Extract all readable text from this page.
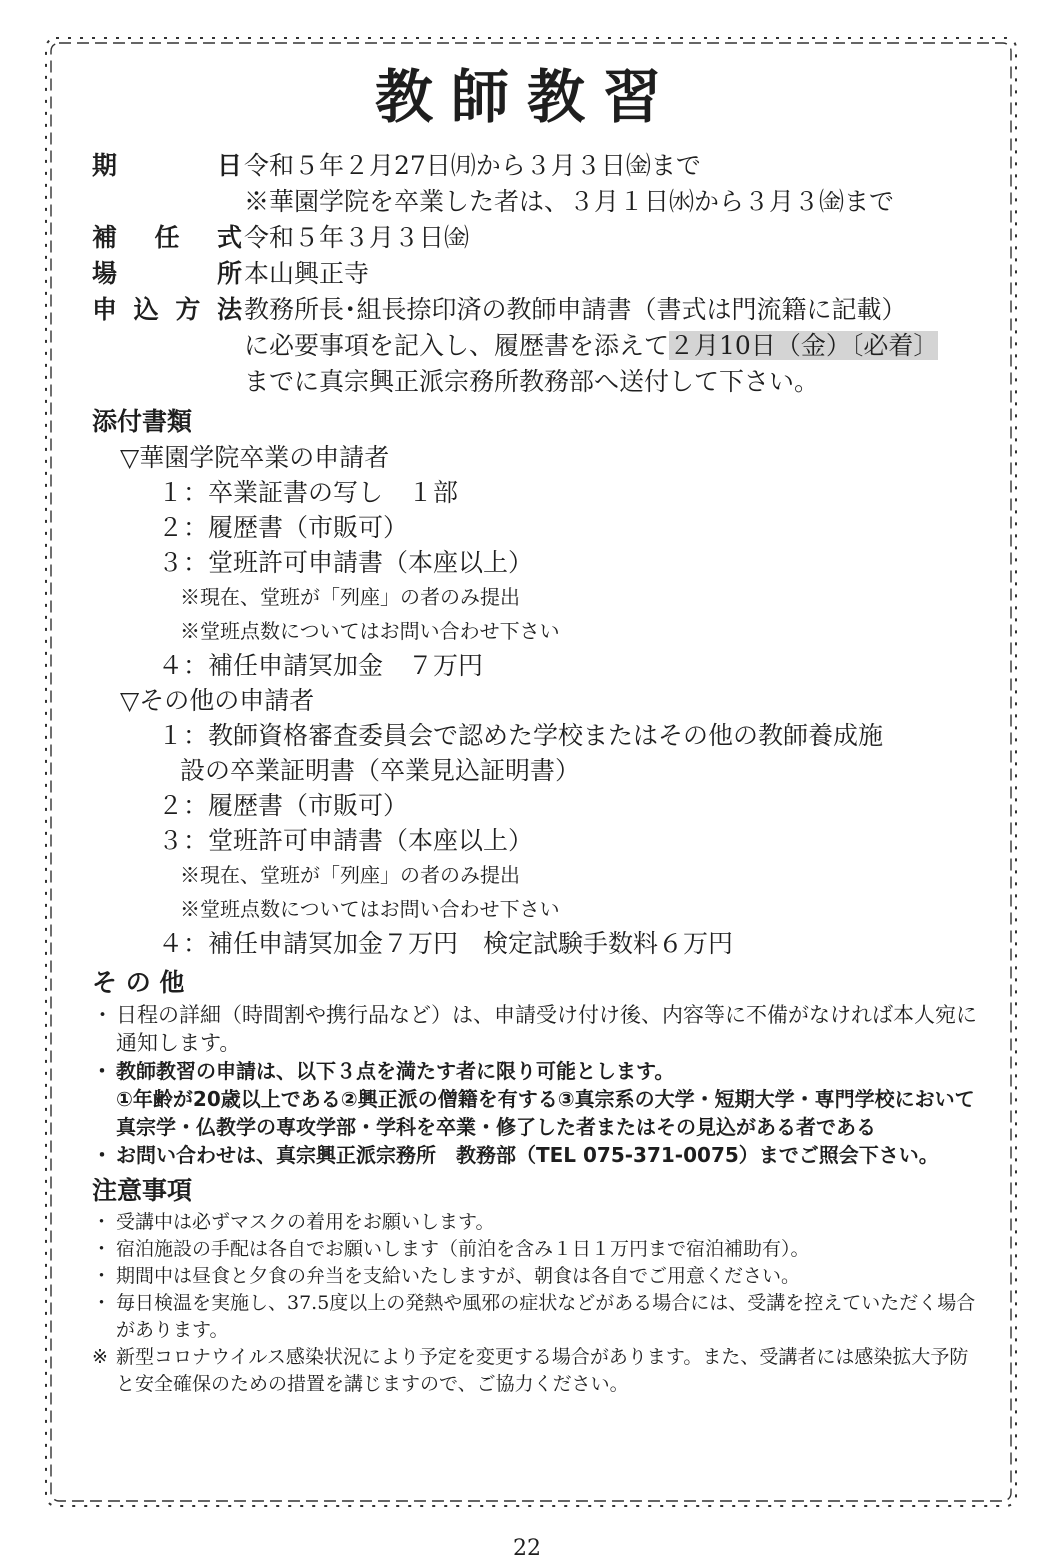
教師教習
期日 令和５年２月27日㈪から３月３日㈮まで
※華園学院を卒業した者は、３月１日㈬から３月３㈮まで
補任式 令和５年３月３日㈮
場所 本山興正寺
申込方法 教務所長･組長捺印済の教師申請書（書式は門流籍に記載）
に必要事項を記入し、履歴書を添えて２月10日（金）〔必着〕
までに真宗興正派宗務所教務部へ送付して下さい。
添付書類
▽華園学院卒業の申請者
１：卒業証書の写し　１部
２：履歴書（市販可）
３：堂班許可申請書（本座以上）
※現在、堂班が「列座」の者のみ提出
※堂班点数についてはお問い合わせ下さい
４：補任申請冥加金　７万円
▽その他の申請者
１：教師資格審査委員会で認めた学校またはその他の教師養成施
設の卒業証明書（卒業見込証明書）
２：履歴書（市販可）
３：堂班許可申請書（本座以上）
※現在、堂班が「列座」の者のみ提出
※堂班点数についてはお問い合わせ下さい
４：補任申請冥加金７万円　検定試験手数料６万円
そ の 他
・ 日程の詳細（時間割や携行品など）は、申請受け付け後、内容等に不備がなければ本人宛に通知します。
・ 教師教習の申請は、以下３点を満たす者に限り可能とします。
①年齢が20歳以上である②興正派の僧籍を有する③真宗系の大学・短期大学・専門学校において真宗学・仏教学の専攻学部・学科を卒業・修了した者またはその見込がある者である
・ お問い合わせは、真宗興正派宗務所　教務部（TEL 075-371-0075）までご照会下さい。
注意事項
・ 受講中は必ずマスクの着用をお願いします。
・ 宿泊施設の手配は各自でお願いします（前泊を含み１日１万円まで宿泊補助有）。
・ 期間中は昼食と夕食の弁当を支給いたしますが、朝食は各自でご用意ください。
・ 毎日検温を実施し、37.5度以上の発熱や風邪の症状などがある場合には、受講を控えていただく場合があります。
※ 新型コロナウイルス感染状況により予定を変更する場合があります。また、受講者には感染拡大予防と安全確保のための措置を講じますので、ご協力ください。
22
